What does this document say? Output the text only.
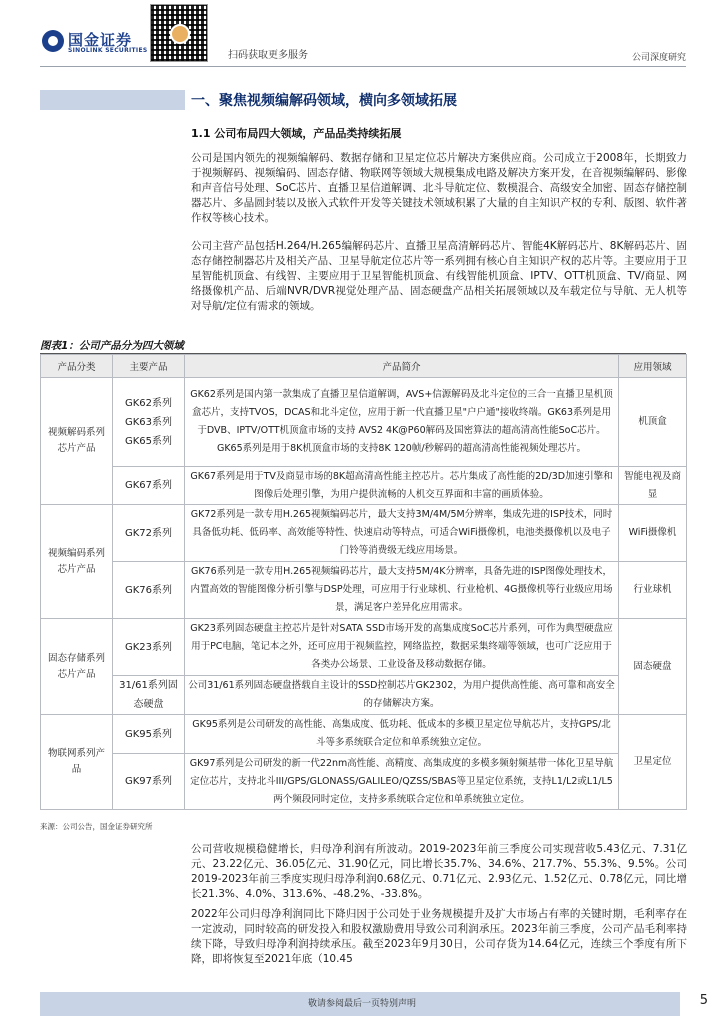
国金证券
SINOLINK SECURITIES	扫码获取更多服务	公司深度研究
一、聚焦视频编解码领域，横向多领域拓展
1.1 公司布局四大领域，产品品类持续拓展
公司是国内领先的视频编解码、数据存储和卫星定位芯片解决方案供应商。公司成立于2008年，长期致力于视频解码、视频编码、固态存储、物联网等领域大规模集成电路及解决方案开发，在音视频编解码、影像和声音信号处理、SoC芯片、直播卫星信道解调、北斗导航定位、数模混合、高级安全加密、固态存储控制器芯片、多晶圆封装以及嵌入式软件开发等关键技术领域积累了大量的自主知识产权的专利、版图、软件著作权等核心技术。
公司主营产品包括H.264/H.265编解码芯片、直播卫星高清解码芯片、智能4K解码芯片、8K解码芯片、固态存储控制器芯片及相关产品、卫星导航定位芯片等一系列拥有核心自主知识产权的芯片等。主要应用于卫星智能机顶盒、有线智、主要应用于卫星智能机顶盒、有线智能机顶盒、IPTV、OTT机顶盒、TV/商显、网络摄像机产品、后端NVR/DVR视觉处理产品、固态硬盘产品相关拓展领域以及车载定位与导航、无人机等对导航/定位有需求的领域。
图表1：公司产品分为四大领域
产品分类	主要产品	产品简介	应用领域
视频解码系列芯片产品	GK62系列
GK63系列
GK65系列	GK62系列是国内第一款集成了直播卫星信道解调，AVS+信源解码及北斗定位的三合一直播卫星机顶盒芯片，支持TVOS，DCAS和北斗定位，应用于新一代直播卫星"户户通"接收终端。GK63系列是用于DVB、IPTV/OTT机顶盒市场的支持 AVS2 4K@P60解码及国密算法的超高清高性能SoC芯片。GK65系列是用于8K机顶盒市场的支持8K 120帧/秒解码的超高清高性能视频处理芯片。	机顶盒
	GK67系列	GK67系列是用于TV及商显市场的8K超高清高性能主控芯片。芯片集成了高性能的2D/3D加速引擎和图像后处理引擎，为用户提供流畅的人机交互界面和丰富的画质体验。	智能电视及商显
视频编码系列芯片产品	GK72系列	GK72系列是一款专用H.265视频编码芯片，最大支持3M/4M/5M分辨率，集成先进的ISP技术，同时具备低功耗、低码率、高效能等特性、快速启动等特点，可适合WiFi摄像机，电池类摄像机以及电子门铃等消费级无线应用场景。	WiFi摄像机
	GK76系列	GK76系列是一款专用H.265视频编码芯片，最大支持5M/4K分辨率，具备先进的ISP图像处理技术，内置高效的智能图像分析引擎与DSP处理，可应用于行业球机、行业枪机、4G摄像机等行业级应用场景，满足客户差异化应用需求。	行业球机
固态存储系列芯片产品	GK23系列	GK23系列固态硬盘主控芯片是针对SATA SSD市场开发的高集成度SoC芯片系列，可作为典型硬盘应用于PC电脑，笔记本之外，还可应用于视频监控，网络监控，数据采集终端等领域，也可广泛应用于各类办公场景、工业设备及移动数据存储。	固态硬盘
	31/61系列固态硬盘	公司31/61系列固态硬盘搭载自主设计的SSD控制芯片GK2302，为用户提供高性能、高可靠和高安全的存储解决方案。	
物联网系列产品	GK95系列	GK95系列是公司研发的高性能、高集成度、低功耗、低成本的多模卫星定位导航芯片，支持GPS/北斗等多系统联合定位和单系统独立定位。	卫星定位
	GK97系列	GK97系列是公司研发的新一代22nm高性能、高精度、高集成度的多模多频射频基带一体化卫星导航定位芯片，支持北斗III/GPS/GLONASS/GALILEO/QZSS/SBAS等卫星定位系统，支持L1/L2或L1/L5两个频段同时定位，支持多系统联合定位和单系统独立定位。	
来源：公司公告，国金证券研究所
公司营收规模稳健增长，归母净利润有所波动。2019-2023年前三季度公司实现营收5.43亿元、7.31亿元、23.22亿元、36.05亿元、31.90亿元，同比增长35.7%、34.6%、217.7%、55.3%、9.5%。公司2019-2023年前三季度实现归母净利润0.68亿元、0.71亿元、2.93亿元、1.52亿元、0.78亿元，同比增长21.3%、4.0%、313.6%、-48.2%、-33.8%。
2022年公司归母净利润同比下降归因于公司处于业务规模提升及扩大市场占有率的关键时期，毛利率存在一定波动，同时较高的研发投入和股权激励费用导致公司利润承压。2023年前三季度，公司产品毛利率持续下降，导致归母净利润持续承压。截至2023年9月30日，公司存货为14.64亿元，连续三个季度有所下降，即将恢复至2021年底（10.45
敬请参阅最后一页特别声明	5
